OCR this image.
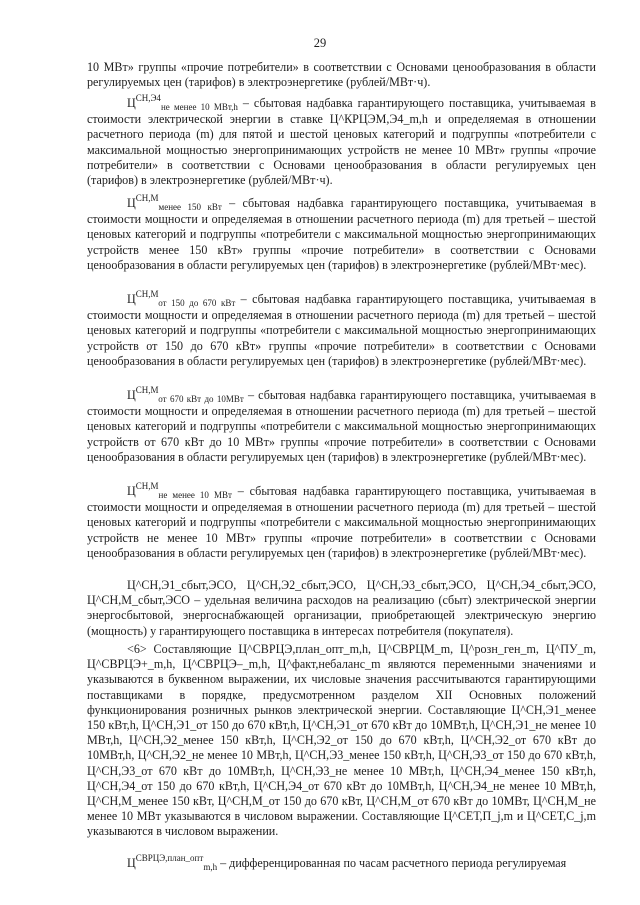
29
10 МВт» группы «прочие потребители» в соответствии с Основами ценообразования в области регулируемых цен (тарифов) в электроэнергетике (рублей/МВт·ч).
$Ц^{СН,Э4}_{не менее 10 МВт,h}$ – сбытовая надбавка гарантирующего поставщика, учитываемая в стоимости электрической энергии в ставке Ц^КРЦЭМ,Э4_m,h и определяемая в отношении расчетного периода (m) для пятой и шестой ценовых категорий и подгруппы «потребители с максимальной мощностью энергопринимающих устройств не менее 10 МВт» группы «прочие потребители» в соответствии с Основами ценообразования в области регулируемых цен (тарифов) в электроэнергетике (рублей/МВт·ч).
$Ц^{СН,М}_{менее 150 кВт}$ – сбытовая надбавка гарантирующего поставщика, учитываемая в стоимости мощности и определяемая в отношении расчетного периода (m) для третьей – шестой ценовых категорий и подгруппы «потребители с максимальной мощностью энергопринимающих устройств менее 150 кВт» группы «прочие потребители» в соответствии с Основами ценообразования в области регулируемых цен (тарифов) в электроэнергетике (рублей/МВт·мес).
$Ц^{СН,М}_{от 150 до 670 кВт}$ – сбытовая надбавка гарантирующего поставщика, учитываемая в стоимости мощности и определяемая в отношении расчетного периода (m) для третьей – шестой ценовых категорий и подгруппы «потребители с максимальной мощностью энергопринимающих устройств от 150 до 670 кВт» группы «прочие потребители» в соответствии с Основами ценообразования в области регулируемых цен (тарифов) в электроэнергетике (рублей/МВт·мес).
$Ц^{СН,М}_{от 670 кВт до 10МВт}$ – сбытовая надбавка гарантирующего поставщика, учитываемая в стоимости мощности и определяемая в отношении расчетного периода (m) для третьей – шестой ценовых категорий и подгруппы «потребители с максимальной мощностью энергопринимающих устройств от 670 кВт до 10 МВт» группы «прочие потребители» в соответствии с Основами ценообразования в области регулируемых цен (тарифов) в электроэнергетике (рублей/МВт·мес).
$Ц^{СН,М}_{не менее 10 МВт}$ – сбытовая надбавка гарантирующего поставщика, учитываемая в стоимости мощности и определяемая в отношении расчетного периода (m) для третьей – шестой ценовых категорий и подгруппы «потребители с максимальной мощностью энергопринимающих устройств не менее 10 МВт» группы «прочие потребители» в соответствии с Основами ценообразования в области регулируемых цен (тарифов) в электроэнергетике (рублей/МВт·мес).
Ц^СН,Э1_сбыт,ЭСО, Ц^СН,Э2_сбыт,ЭСО, Ц^СН,Э3_сбыт,ЭСО, Ц^СН,Э4_сбыт,ЭСО, Ц^СН,М_сбыт,ЭСО – удельная величина расходов на реализацию (сбыт) электрической энергии энергосбытовой, энергоснабжающей организации, приобретающей электрическую энергию (мощность) у гарантирующего поставщика в интересах потребителя (покупателя).
<6> Составляющие Ц^СВРЦЭ,план_опт_m,h, Ц^СВРЦМ_m, Ц^розн_ген_m, Ц^ПУ_m, Ц^СВРЦЭ+_m,h, Ц^СВРЦЭ–_m,h, Ц^факт,небаланс_m являются переменными значениями и указываются в буквенном выражении, их числовые значения рассчитываются гарантирующими поставщиками в порядке, предусмотренном разделом XII Основных положений функционирования розничных рынков электрической энергии. Составляющие Ц^СН,Э1_менее 150 кВт,h, Ц^СН,Э1_от 150 до 670 кВт,h, Ц^СН,Э1_от 670 кВт до 10МВт,h, Ц^СН,Э1_не менее 10 МВт,h, Ц^СН,Э2_менее 150 кВт,h, Ц^СН,Э2_от 150 до 670 кВт,h, Ц^СН,Э2_от 670 кВт до 10МВт,h, Ц^СН,Э2_не менее 10 МВт,h, Ц^СН,Э3_менее 150 кВт,h, Ц^СН,Э3_от 150 до 670 кВт,h, Ц^СН,Э3_от 670 кВт до 10МВт,h, Ц^СН,Э3_не менее 10 МВт,h, Ц^СН,Э4_менее 150 кВт,h, Ц^СН,Э4_от 150 до 670 кВт,h, Ц^СН,Э4_от 670 кВт до 10МВт,h, Ц^СН,Э4_не менее 10 МВт,h, Ц^СН,М_менее 150 кВт, Ц^СН,М_от 150 до 670 кВт, Ц^СН,М_от 670 кВт до 10МВт, Ц^СН,М_не менее 10 МВт указываются в числовом выражении. Составляющие Ц^СЕТ,П_j,m и Ц^СЕТ,С_j,m указываются в числовом выражении.
$Ц^{СВРЦЭ,план\_опт}_{m,h}$ – дифференцированная по часам расчетного периода регулируемая
